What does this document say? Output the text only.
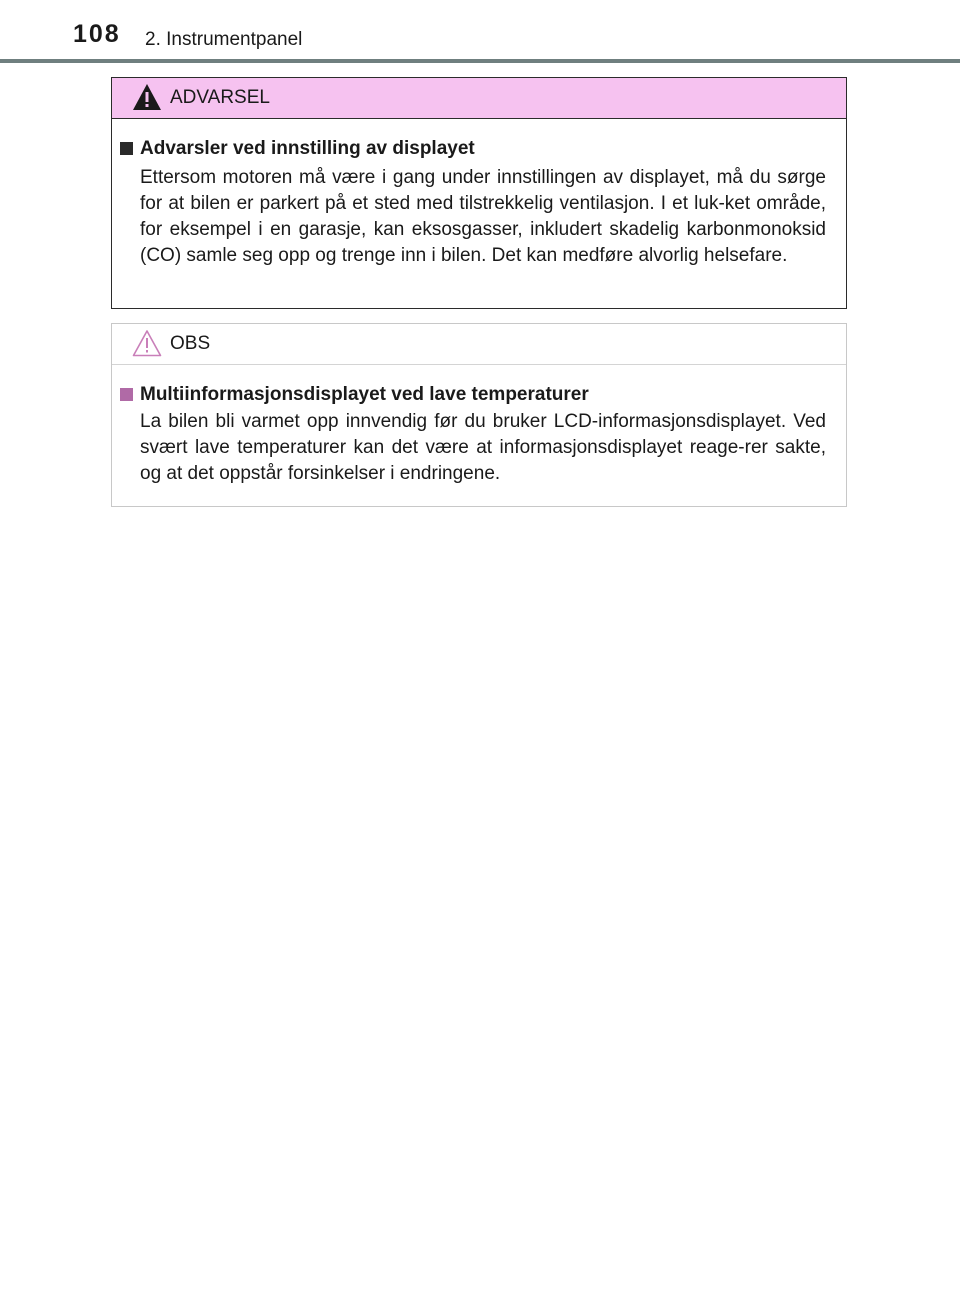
108 2. Instrumentpanel
ADVARSEL
Advarsler ved innstilling av displayet
Ettersom motoren må være i gang under innstillingen av displayet, må du sørge for at bilen er parkert på et sted med tilstrekkelig ventilasjon. I et luk-ket område, for eksempel i en garasje, kan eksosgasser, inkludert skadelig karbonmonoksid (CO) samle seg opp og trenge inn i bilen. Det kan medføre alvorlig helsefare.
OBS
Multiinformasjonsdisplayet ved lave temperaturer
La bilen bli varmet opp innvendig før du bruker LCD-informasjonsdisplayet. Ved svært lave temperaturer kan det være at informasjonsdisplayet reage-rer sakte, og at det oppstår forsinkelser i endringene.
